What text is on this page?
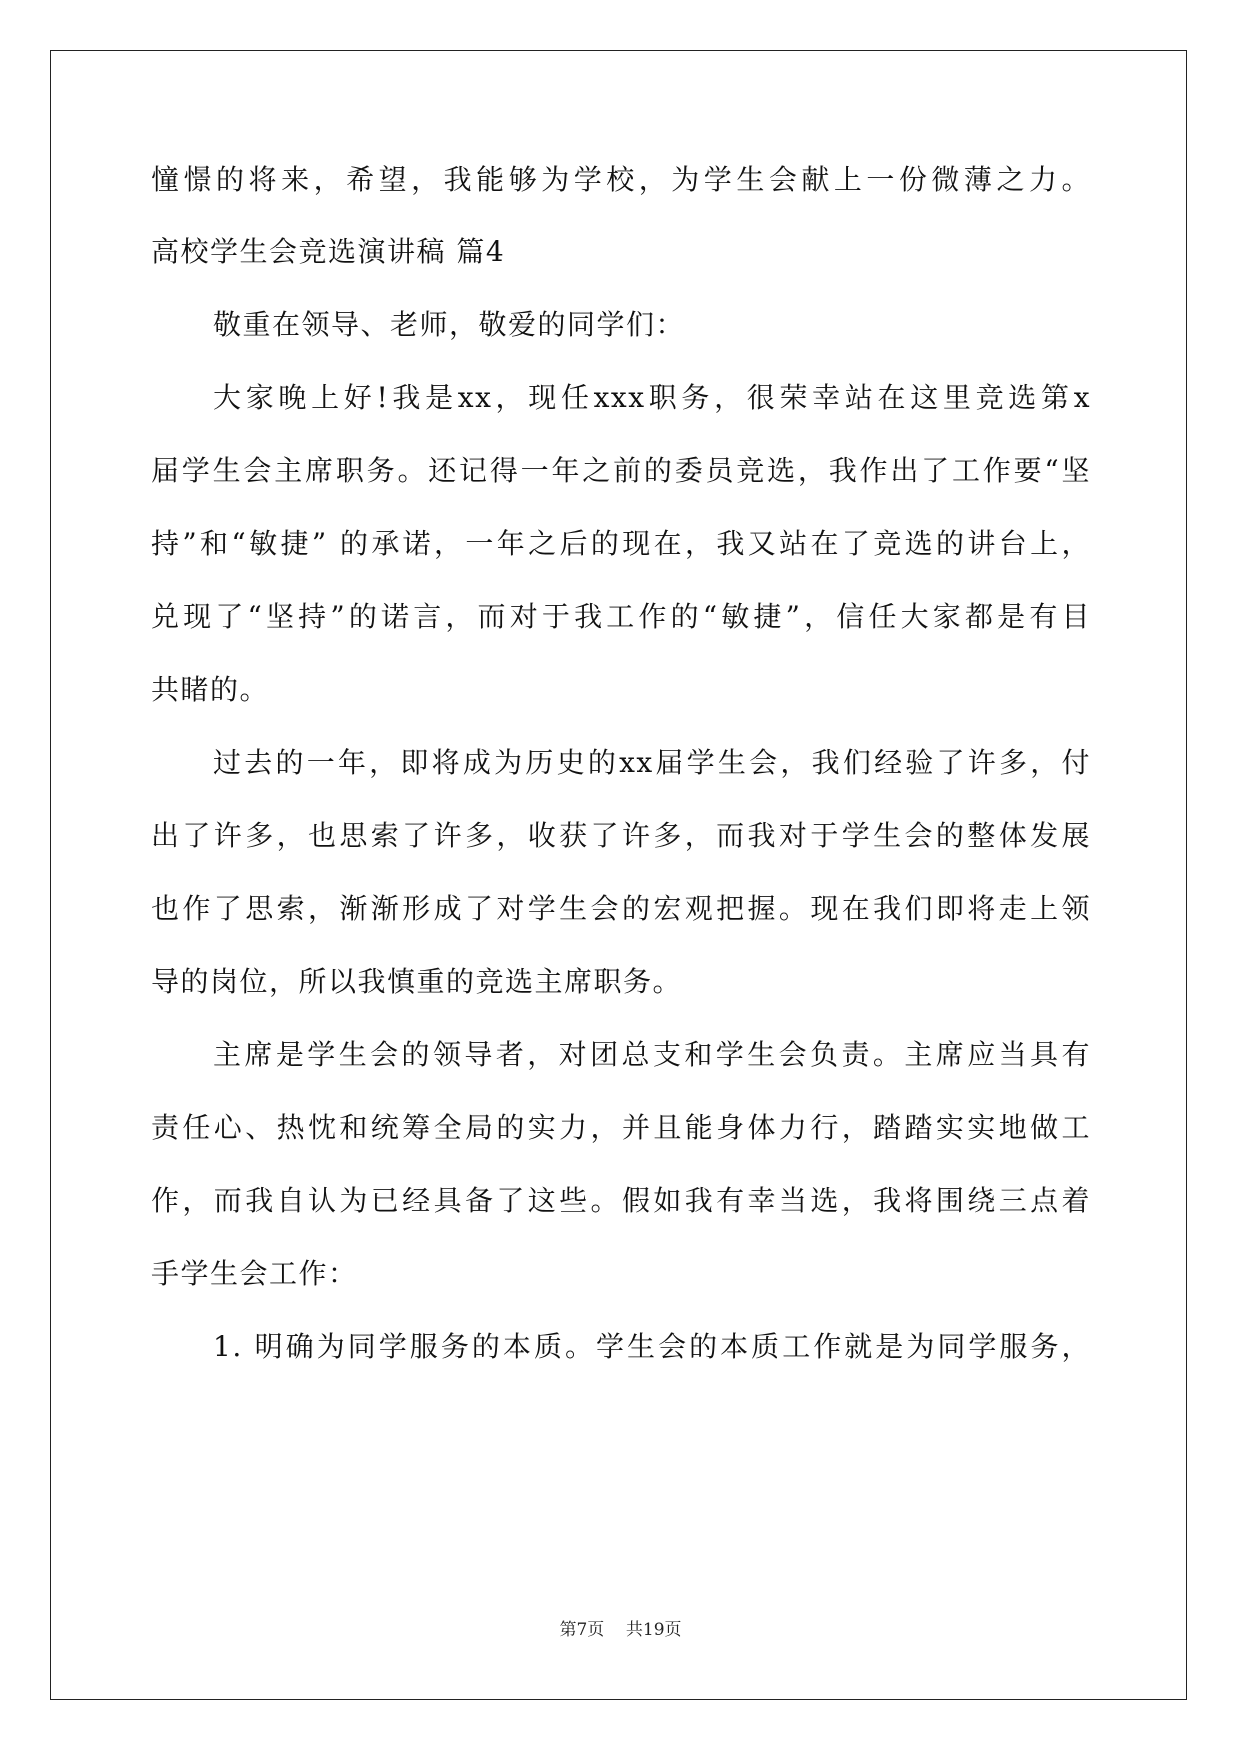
憧憬的将来，希望，我能够为学校，为学生会献上一份微薄之力。
高校学生会竞选演讲稿 篇4
敬重在领导、老师，敬爱的同学们：
大家晚上好!我是xx，现任xxx职务，很荣幸站在这里竞选第x
届学生会主席职务。还记得一年之前的委员竞选，我作出了工作要“坚
持”和“敏捷” 的承诺，一年之后的现在，我又站在了竞选的讲台上，
兑现了“坚持”的诺言，而对于我工作的“敏捷”，信任大家都是有目
共睹的。
过去的一年，即将成为历史的xx届学生会，我们经验了许多，付
出了许多，也思索了许多，收获了许多，而我对于学生会的整体发展
也作了思索，渐渐形成了对学生会的宏观把握。现在我们即将走上领
导的岗位，所以我慎重的竞选主席职务。
主席是学生会的领导者，对团总支和学生会负责。主席应当具有
责任心、热忱和统筹全局的实力，并且能身体力行，踏踏实实地做工
作，而我自认为已经具备了这些。假如我有幸当选，我将围绕三点着
手学生会工作：
1. 明确为同学服务的本质。学生会的本质工作就是为同学服务，
第7页 共19页
